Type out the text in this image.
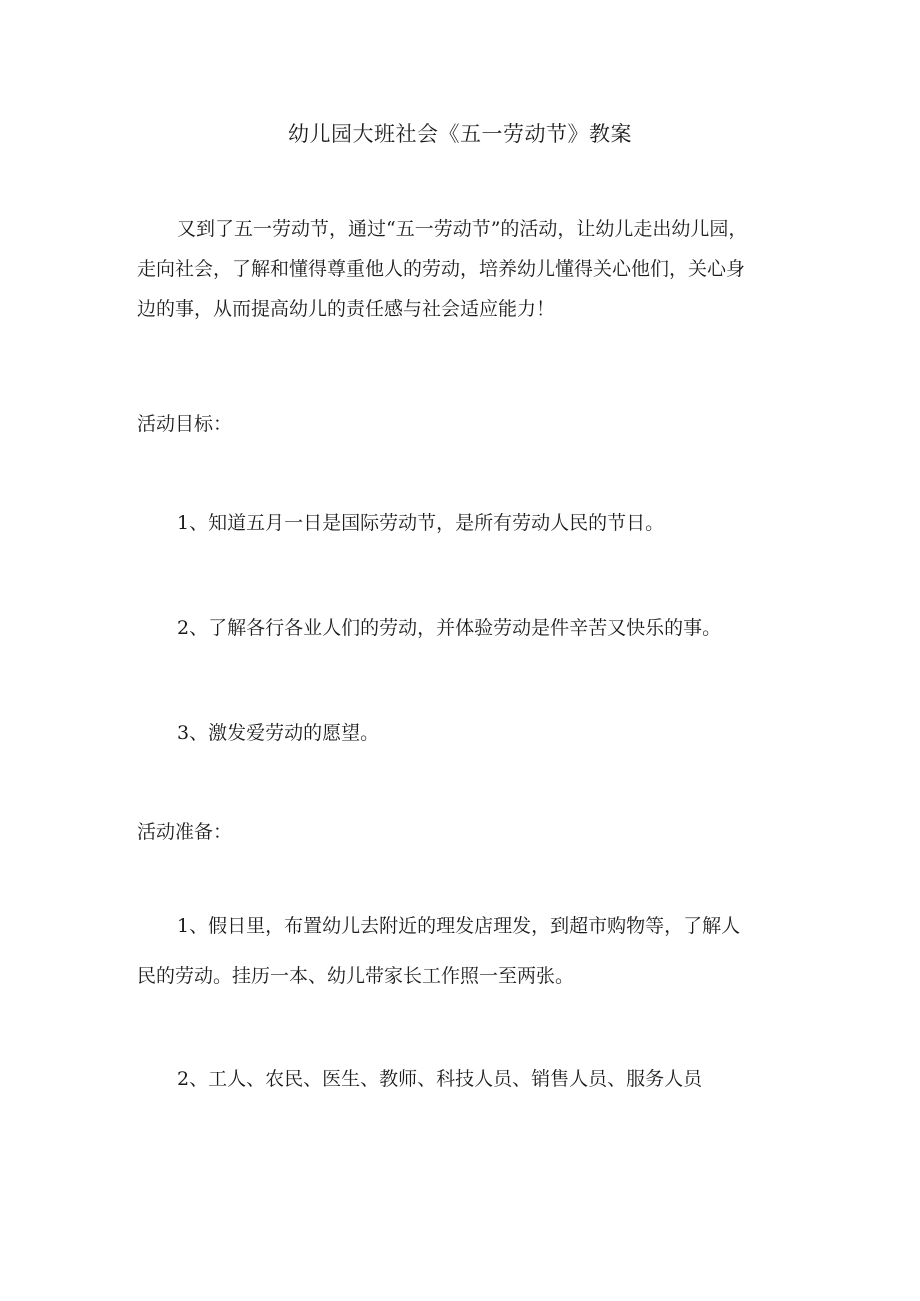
幼儿园大班社会《五一劳动节》教案
又到了五一劳动节，通过“五一劳动节”的活动，让幼儿走出幼儿园，
走向社会，了解和懂得尊重他人的劳动，培养幼儿懂得关心他们，关心身
边的事，从而提高幼儿的责任感与社会适应能力！
活动目标：
1、知道五月一日是国际劳动节，是所有劳动人民的节日。
2、了解各行各业人们的劳动，并体验劳动是件辛苦又快乐的事。
3、激发爱劳动的愿望。
活动准备：
1、假日里，布置幼儿去附近的理发店理发，到超市购物等，了解人
民的劳动。挂历一本、幼儿带家长工作照一至两张。
2、工人、农民、医生、教师、科技人员、销售人员、服务人员
